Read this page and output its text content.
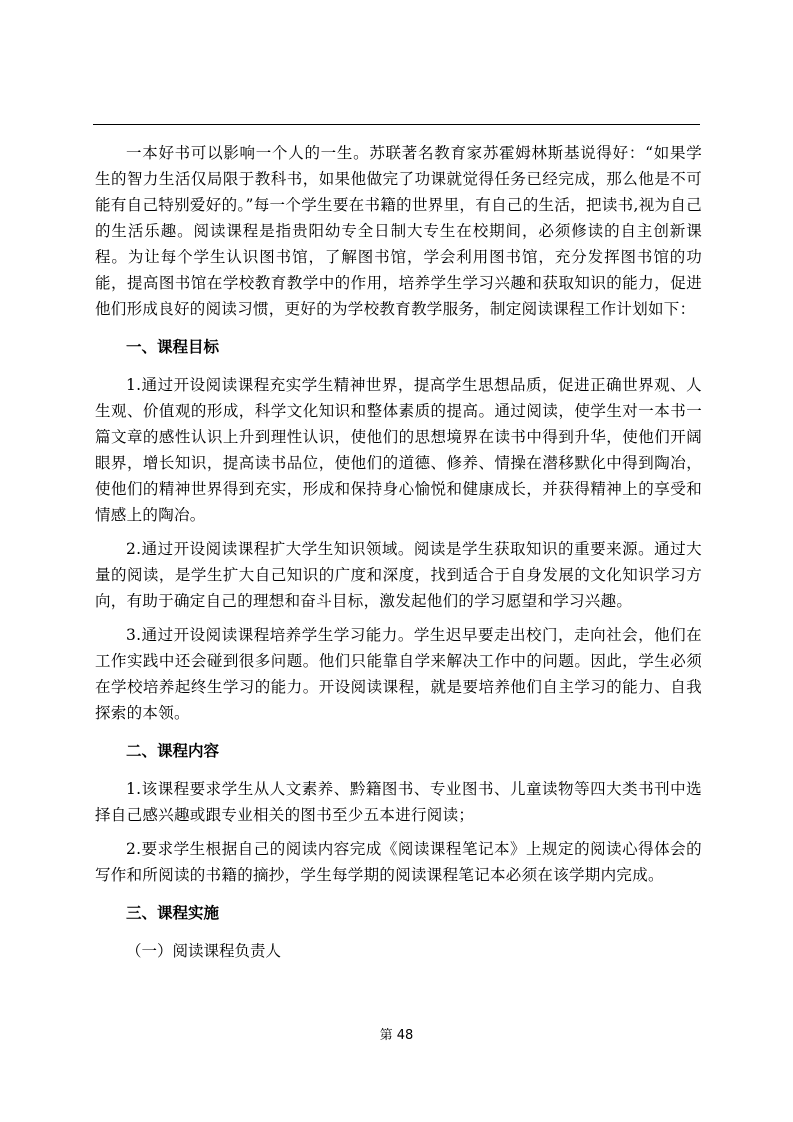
一本好书可以影响一个人的一生。苏联著名教育家苏霍姆林斯基说得好：“如果学生的智力生活仅局限于教科书，如果他做完了功课就觉得任务已经完成，那么他是不可能有自己特别爱好的。”每一个学生要在书籍的世界里，有自己的生活，把读书,视为自己的生活乐趣。阅读课程是指贵阳幼专全日制大专生在校期间，必须修读的自主创新课程。为让每个学生认识图书馆，了解图书馆，学会利用图书馆，充分发挥图书馆的功能，提高图书馆在学校教育教学中的作用，培养学生学习兴趣和获取知识的能力，促进他们形成良好的阅读习惯，更好的为学校教育教学服务，制定阅读课程工作计划如下：

一、课程目标

1.通过开设阅读课程充实学生精神世界，提高学生思想品质，促进正确世界观、人生观、价值观的形成，科学文化知识和整体素质的提高。通过阅读，使学生对一本书一篇文章的感性认识上升到理性认识，使他们的思想境界在读书中得到升华，使他们开阔眼界，增长知识，提高读书品位，使他们的道德、修养、情操在潜移默化中得到陶冶，使他们的精神世界得到充实，形成和保持身心愉悦和健康成长，并获得精神上的享受和情感上的陶冶。

2.通过开设阅读课程扩大学生知识领域。阅读是学生获取知识的重要来源。通过大量的阅读，是学生扩大自己知识的广度和深度，找到适合于自身发展的文化知识学习方向，有助于确定自己的理想和奋斗目标，激发起他们的学习愿望和学习兴趣。

3.通过开设阅读课程培养学生学习能力。学生迟早要走出校门，走向社会，他们在工作实践中还会碰到很多问题。他们只能靠自学来解决工作中的问题。因此，学生必须在学校培养起终生学习的能力。开设阅读课程，就是要培养他们自主学习的能力、自我探索的本领。

二、课程内容

1.该课程要求学生从人文素养、黔籍图书、专业图书、儿童读物等四大类书刊中选择自己感兴趣或跟专业相关的图书至少五本进行阅读；

2.要求学生根据自己的阅读内容完成《阅读课程笔记本》上规定的阅读心得体会的写作和所阅读的书籍的摘抄，学生每学期的阅读课程笔记本必须在该学期内完成。

三、课程实施

（一）阅读课程负责人

第 48
